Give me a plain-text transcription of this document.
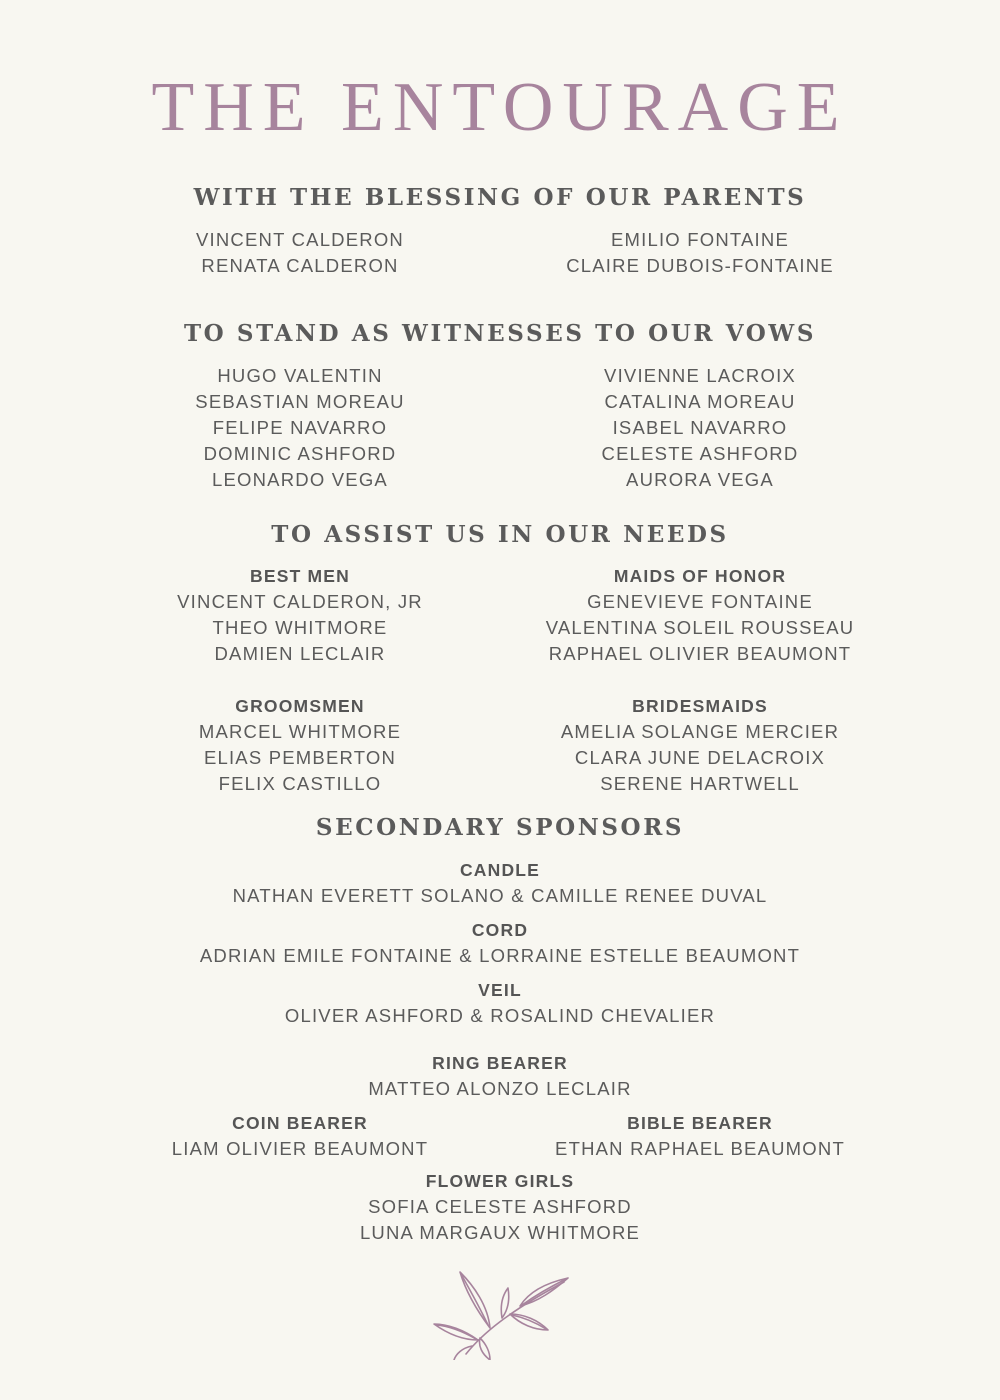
THE ENTOURAGE
WITH THE BLESSING OF OUR PARENTS
VINCENT CALDERON
RENATA CALDERON
EMILIO FONTAINE
CLAIRE DUBOIS-FONTAINE
TO STAND AS WITNESSES TO OUR VOWS
HUGO VALENTIN
SEBASTIAN MOREAU
FELIPE NAVARRO
DOMINIC ASHFORD
LEONARDO VEGA
VIVIENNE LACROIX
CATALINA MOREAU
ISABEL NAVARRO
CELESTE ASHFORD
AURORA VEGA
TO ASSIST US IN OUR NEEDS
BEST MEN
VINCENT CALDERON, JR
THEO WHITMORE
DAMIEN LECLAIR
MAIDS OF HONOR
GENEVIEVE FONTAINE
VALENTINA SOLEIL ROUSSEAU
RAPHAEL OLIVIER BEAUMONT
GROOMSMEN
MARCEL WHITMORE
ELIAS PEMBERTON
FELIX CASTILLO
BRIDESMAIDS
AMELIA SOLANGE MERCIER
CLARA JUNE DELACROIX
SERENE HARTWELL
SECONDARY SPONSORS
CANDLE
NATHAN EVERETT SOLANO & CAMILLE RENEE DUVAL
CORD
ADRIAN EMILE FONTAINE & LORRAINE ESTELLE BEAUMONT
VEIL
OLIVER ASHFORD & ROSALIND CHEVALIER
RING BEARER
MATTEO ALONZO LECLAIR
COIN BEARER
LIAM OLIVIER BEAUMONT
BIBLE BEARER
ETHAN RAPHAEL BEAUMONT
FLOWER GIRLS
SOFIA CELESTE ASHFORD
LUNA MARGAUX WHITMORE
